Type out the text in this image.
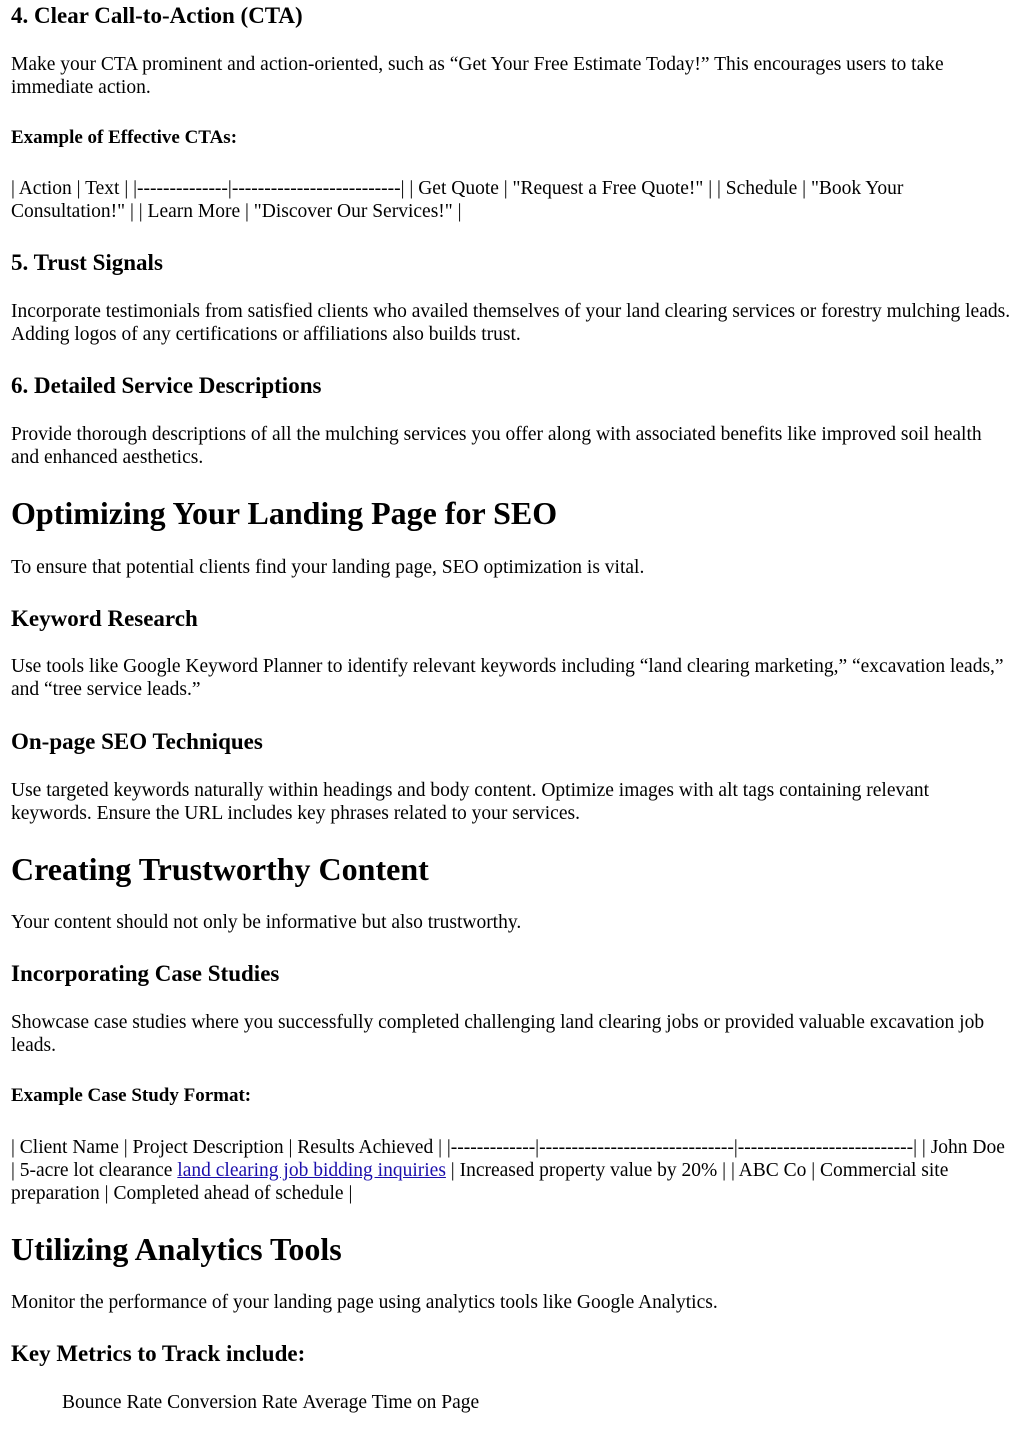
4. Clear Call-to-Action (CTA)

Make your CTA prominent and action-oriented, such as “Get Your Free Estimate Today!” This encourages users to take immediate action.

Example of Effective CTAs:

| Action | Text | |--------------|--------------------------| | Get Quote | "Request a Free Quote!" | | Schedule | "Book Your Consultation!" | | Learn More | "Discover Our Services!" |

5. Trust Signals

Incorporate testimonials from satisfied clients who availed themselves of your land clearing services or forestry mulching leads. Adding logos of any certifications or affiliations also builds trust.

6. Detailed Service Descriptions

Provide thorough descriptions of all the mulching services you offer along with associated benefits like improved soil health and enhanced aesthetics.

Optimizing Your Landing Page for SEO

To ensure that potential clients find your landing page, SEO optimization is vital.

Keyword Research

Use tools like Google Keyword Planner to identify relevant keywords including “land clearing marketing,” “excavation leads,” and “tree service leads.”

On-page SEO Techniques

Use targeted keywords naturally within headings and body content. Optimize images with alt tags containing relevant keywords. Ensure the URL includes key phrases related to your services.

Creating Trustworthy Content

Your content should not only be informative but also trustworthy.

Incorporating Case Studies

Showcase case studies where you successfully completed challenging land clearing jobs or provided valuable excavation job leads.

Example Case Study Format:

| Client Name | Project Description | Results Achieved | |-------------|------------------------------|---------------------------| | John Doe | 5-acre lot clearance land clearing job bidding inquiries | Increased property value by 20% | | ABC Co | Commercial site preparation | Completed ahead of schedule |

Utilizing Analytics Tools

Monitor the performance of your landing page using analytics tools like Google Analytics.

Key Metrics to Track include:
Bounce Rate Conversion Rate Average Time on Page
